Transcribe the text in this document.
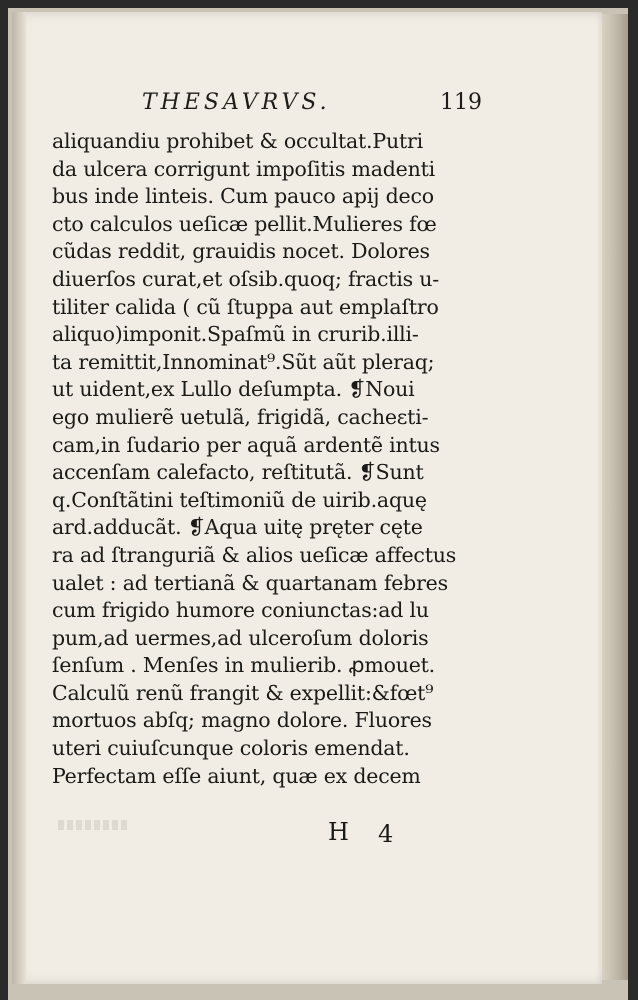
THESAVRVS.	119
aliquandiu prohibet & occultat.Putri
da ulcera corrigunt impoſitis madenti
bus inde linteis. Cum pauco apij deco
cto calculos ueſicæ pellit.Mulieres fœ
cũdas reddit, grauidis nocet. Dolores
diuerſos curat,et oſsib.quoq; fractis u-
tiliter calida ( cũ ſtuppa aut emplaſtro
aliquo)imponit.Spaſmũ in crurib.illi-
ta remittit,Innominat⁹.Sũt aũt pleraq;
ut uident,ex Lullo deſumpta. ❡Noui
ego mulierẽ uetulã, frigidã, cacheɛti-
cam,in ſudario per aquã ardentẽ intus
accenſam calefacto, reſtitutã. ❡Sunt
q.Conſtãtini teſtimoniũ de uirib.aquę
ard.adducãt. ❡Aqua uitę pręter cęte
ra ad ſtranguriã & alios ueſicæ affectus
ualet : ad tertianã & quartanam febres
cum frigido humore coniunctas:ad lu
pum,ad uermes,ad ulceroſum doloris
ſenſum . Menſes in mulierib. ꝓmouet.
Calculũ renũ frangit & expellit:&fœt⁹
mortuos abſq; magno dolore. Fluores
uteri cuiuſcunque coloris emendat.
Perfectam eſſe aiunt, quæ ex decem
H 4
